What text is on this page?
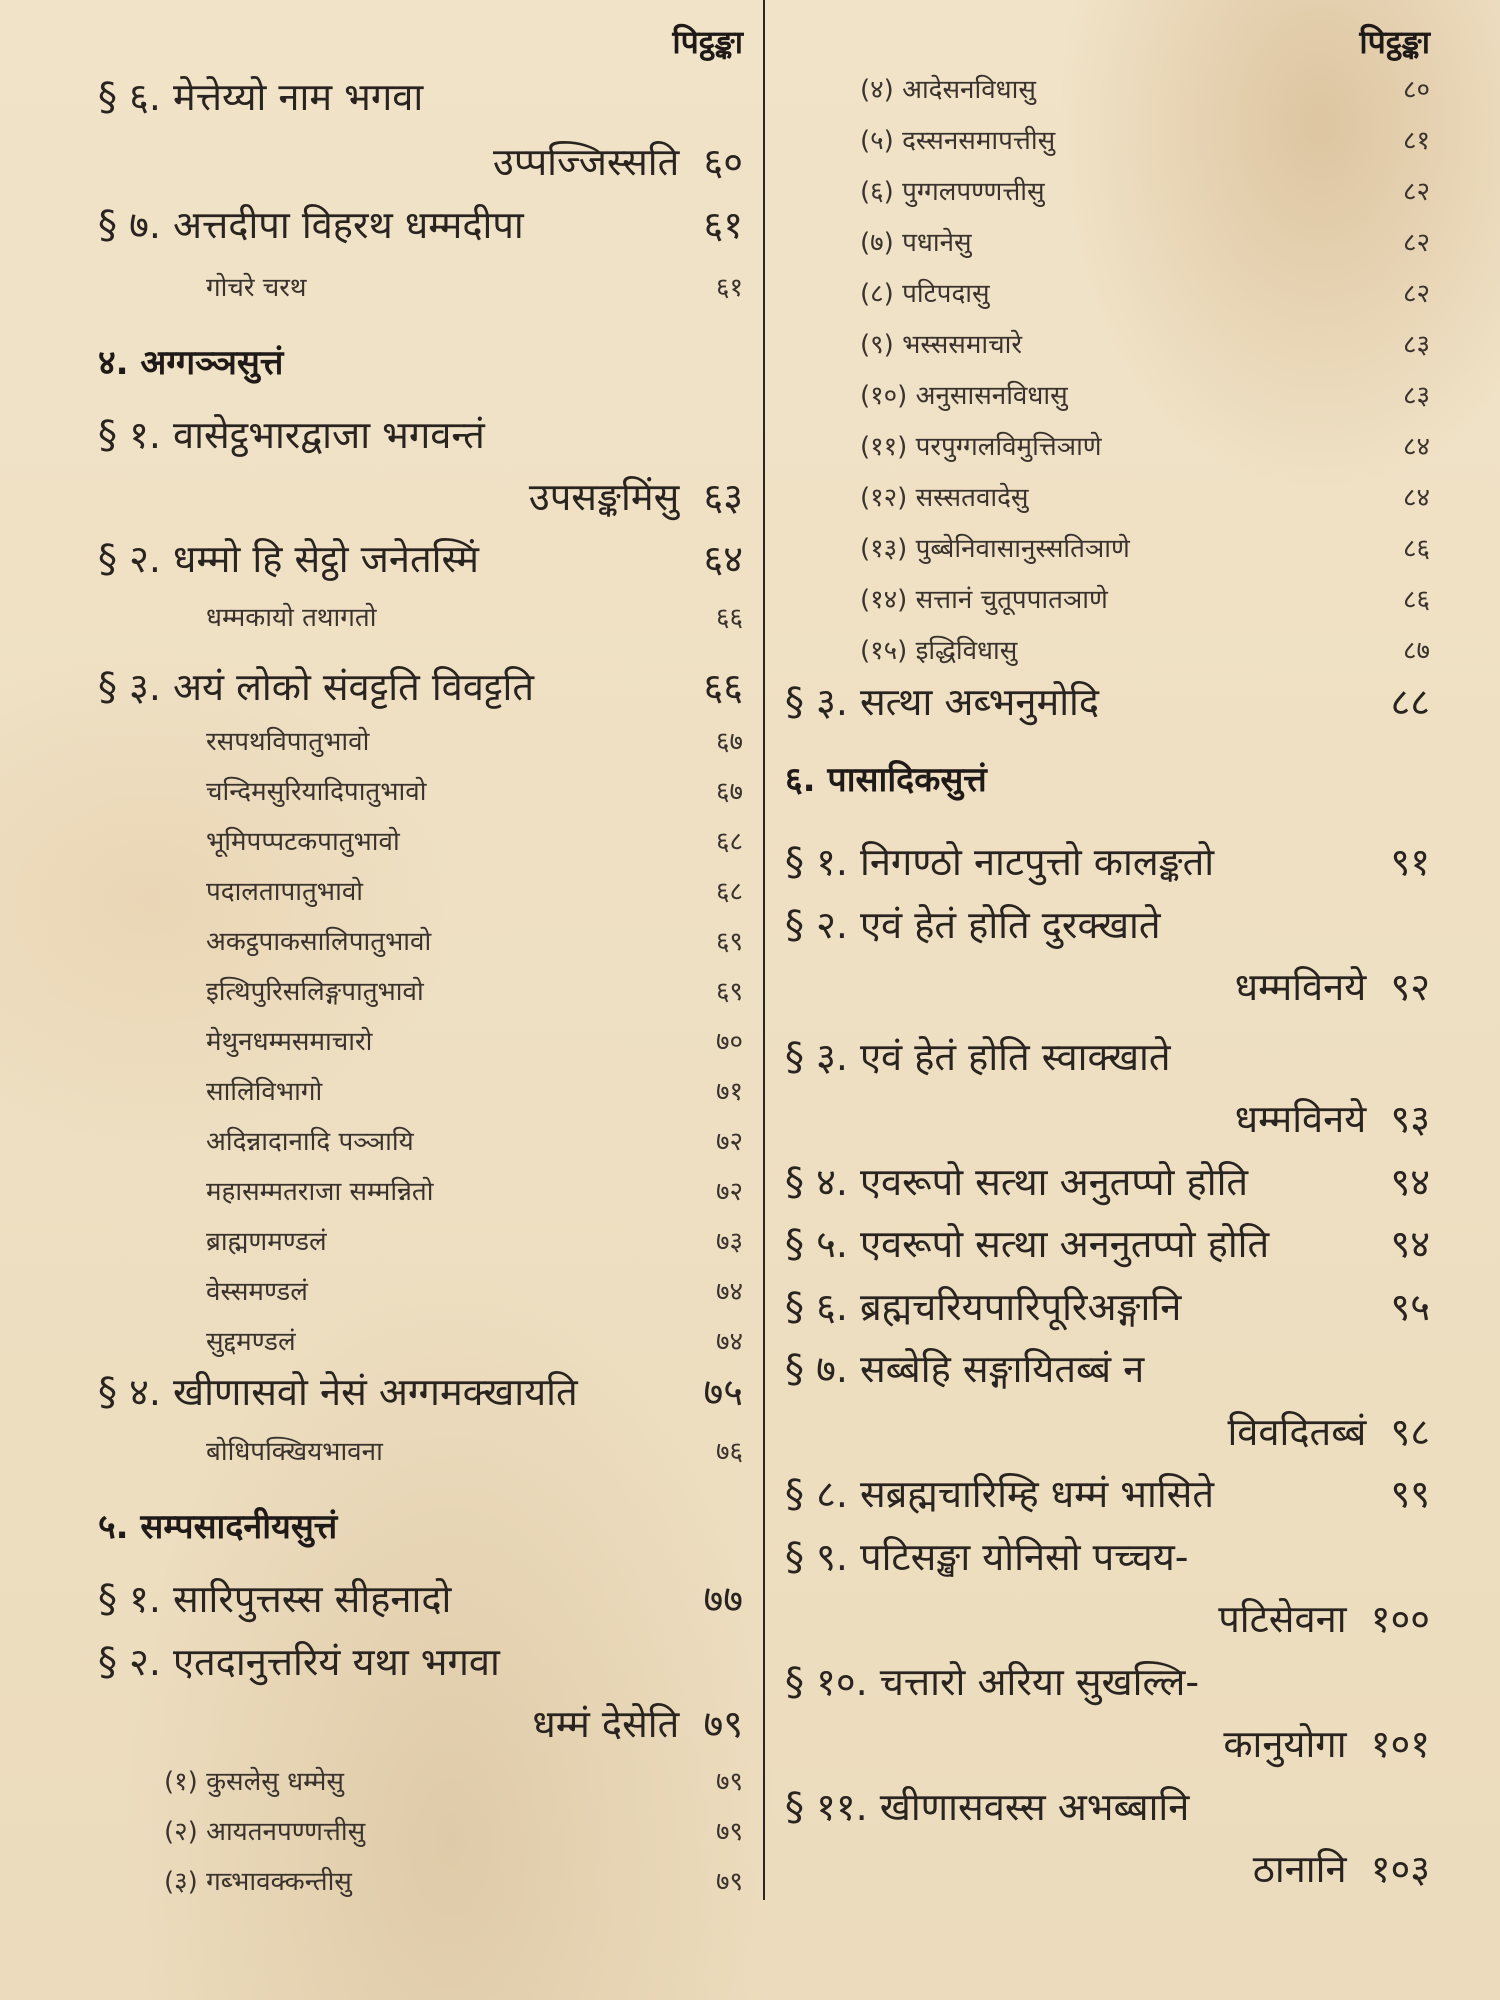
पिट्ठङ्का
§ ६. मेत्तेय्यो नाम भगवा
उप्पज्जिस्सति ६०
§ ७. अत्तदीपा विहरथ धम्मदीपा	६१
गोचरे चरथ	६१
४. अग्गञ्ञसुत्तं
§ १. वासेट्ठभारद्वाजा भगवन्तं
उपसङ्कमिंसु ६३
§ २. धम्मो हि सेट्ठो जनेतस्मिं	६४
धम्मकायो तथागतो	६६
§ ३. अयं लोको संवट्टति विवट्टति	६६
रसपथविपातुभावो	६७
चन्दिमसुरियादिपातुभावो	६७
भूमिपप्पटकपातुभावो	६८
पदालतापातुभावो	६८
अकट्ठपाकसालिपातुभावो	६९
इत्थिपुरिसलिङ्गपातुभावो	६९
मेथुनधम्मसमाचारो	७०
सालिविभागो	७१
अदिन्नादानादि पञ्ञायि	७२
महासम्मतराजा सम्मन्नितो	७२
ब्राह्मणमण्डलं	७३
वेस्समण्डलं	७४
सुद्दमण्डलं	७४
§ ४. खीणासवो नेसं अग्गमक्खायति	७५
बोधिपक्खियभावना	७६
५. सम्पसादनीयसुत्तं
§ १. सारिपुत्तस्स सीहनादो	७७
§ २. एतदानुत्तरियं यथा भगवा
धम्मं देसेति ७९
(१) कुसलेसु धम्मेसु	७९
(२) आयतनपण्णत्तीसु	७९
(३) गब्भावक्कन्तीसु	७९
पिट्ठङ्का
(४) आदेसनविधासु	८०
(५) दस्सनसमापत्तीसु	८१
(६) पुग्गलपण्णत्तीसु	८२
(७) पधानेसु	८२
(८) पटिपदासु	८२
(९) भस्ससमाचारे	८३
(१०) अनुसासनविधासु	८३
(११) परपुग्गलविमुत्तिञाणे	८४
(१२) सस्सतवादेसु	८४
(१३) पुब्बेनिवासानुस्सतिञाणे	८६
(१४) सत्तानं चुतूपपातञाणे	८६
(१५) इद्धिविधासु	८७
§ ३. सत्था अब्भनुमोदि	८८
६. पासादिकसुत्तं
§ १. निगण्ठो नाटपुत्तो कालङ्कतो	९१
§ २. एवं हेतं होति दुरक्खाते
धम्मविनये ९२
§ ३. एवं हेतं होति स्वाक्खाते
धम्मविनये ९३
§ ४. एवरूपो सत्था अनुतप्पो होति	९४
§ ५. एवरूपो सत्था अननुतप्पो होति	९४
§ ६. ब्रह्मचरियपारिपूरिअङ्गानि	९५
§ ७. सब्बेहि सङ्गायितब्बं न
विवदितब्बं ९८
§ ८. सब्रह्मचारिम्हि धम्मं भासिते	९९
§ ९. पटिसङ्खा योनिसो पच्चय-
पटिसेवना १००
§ १०. चत्तारो अरिया सुखल्लि-
कानुयोगा १०१
§ ११. खीणासवस्स अभब्बानि
ठानानि १०३
